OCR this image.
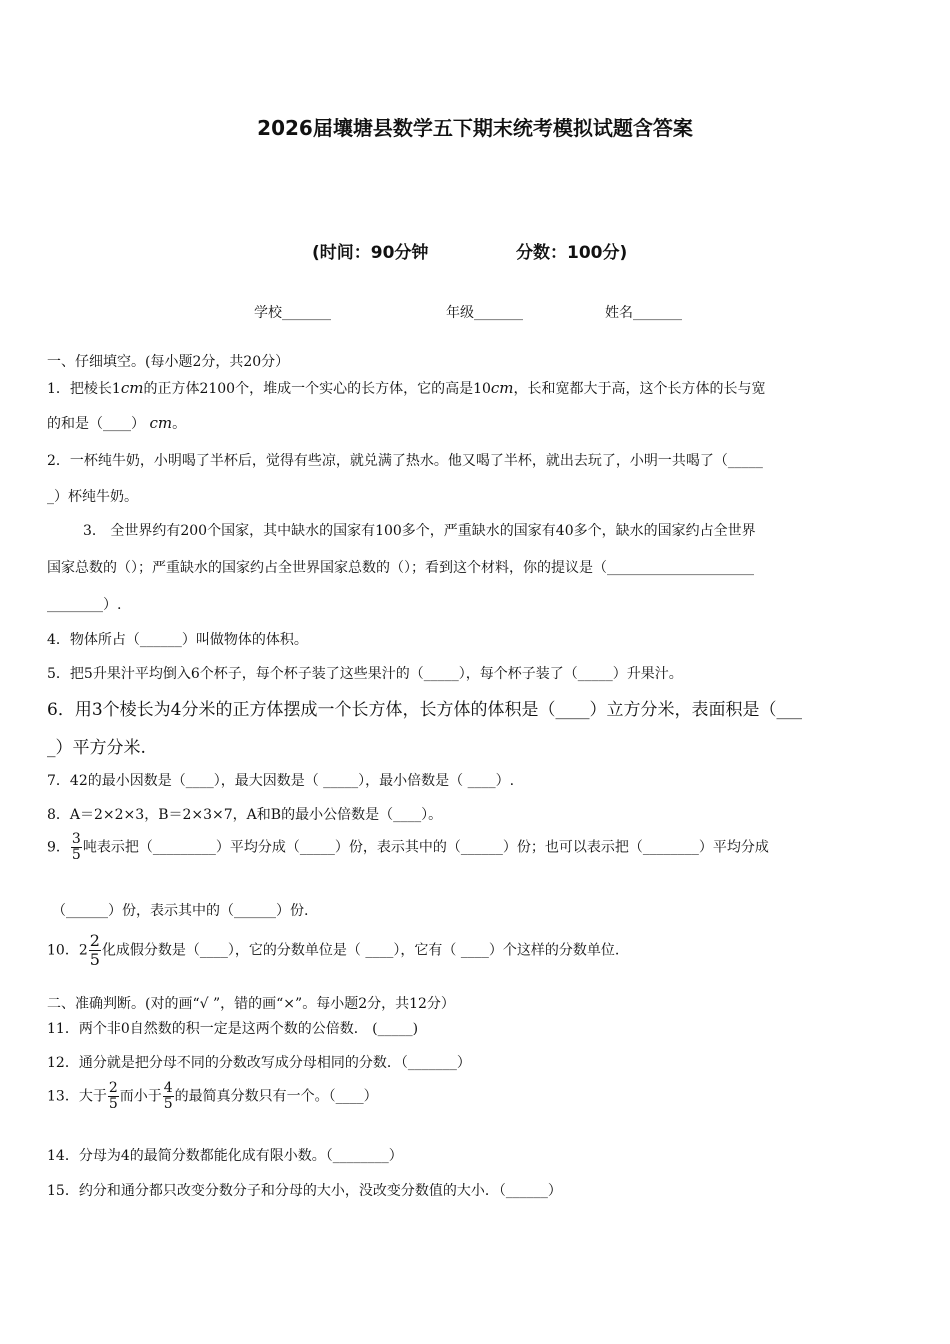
2026届壤塘县数学五下期末统考模拟试题含答案
(时间：90分钟	分数：100分)
学校_______	年级_______	姓名_______
一、仔细填空。(每小题2分，共20分）
1．把棱长1cm的正方体2100个，堆成一个实心的长方体，它的高是10cm，长和宽都大于高，这个长方体的长与宽
的和是（____） cm。
2．一杯纯牛奶，小明喝了半杯后，觉得有些凉，就兑满了热水。他又喝了半杯，就出去玩了，小明一共喝了（_____
_）杯纯牛奶。
3． 全世界约有200个国家，其中缺水的国家有100多个，严重缺水的国家有40多个，缺水的国家约占全世界
国家总数的（）；严重缺水的国家约占全世界国家总数的（）；看到这个材料，你的提议是（_____________________
________）.
4．物体所占（______）叫做物体的体积。
5．把5升果汁平均倒入6个杯子，每个杯子装了这些果汁的（_____），每个杯子装了（_____）升果汁。
6．用3个棱长为4分米的正方体摆成一个长方体，长方体的体积是（____）立方分米，表面积是（___
_）平方分米.
7．42的最小因数是（____），最大因数是（ _____），最小倍数是（ ____）.
8．A＝2×2×3，B＝2×3×7，A和B的最小公倍数是（____）。
9． $\frac{3}{5}$ 吨表示把（_________）平均分成（_____）份，表示其中的（______）份；也可以表示把（________）平均分成
（______）份，表示其中的（______）份.
10．$2 \frac{2}{5}$ 化成假分数是（____），它的分数单位是（ ____），它有（ ____）个这样的分数单位.
二、准确判断。(对的画“√ ”，错的画“×”。每小题2分，共12分）
11．两个非0自然数的积一定是这两个数的公倍数． (_____)
12．通分就是把分母不同的分数改写成分母相同的分数．（_______）
13．大于 $\frac{2}{5}$ 而小于 $\frac{4}{5}$ 的最简真分数只有一个。（____）
14．分母为4的最简分数都能化成有限小数。（________）
15．约分和通分都只改变分数分子和分母的大小，没改变分数值的大小．（______）
